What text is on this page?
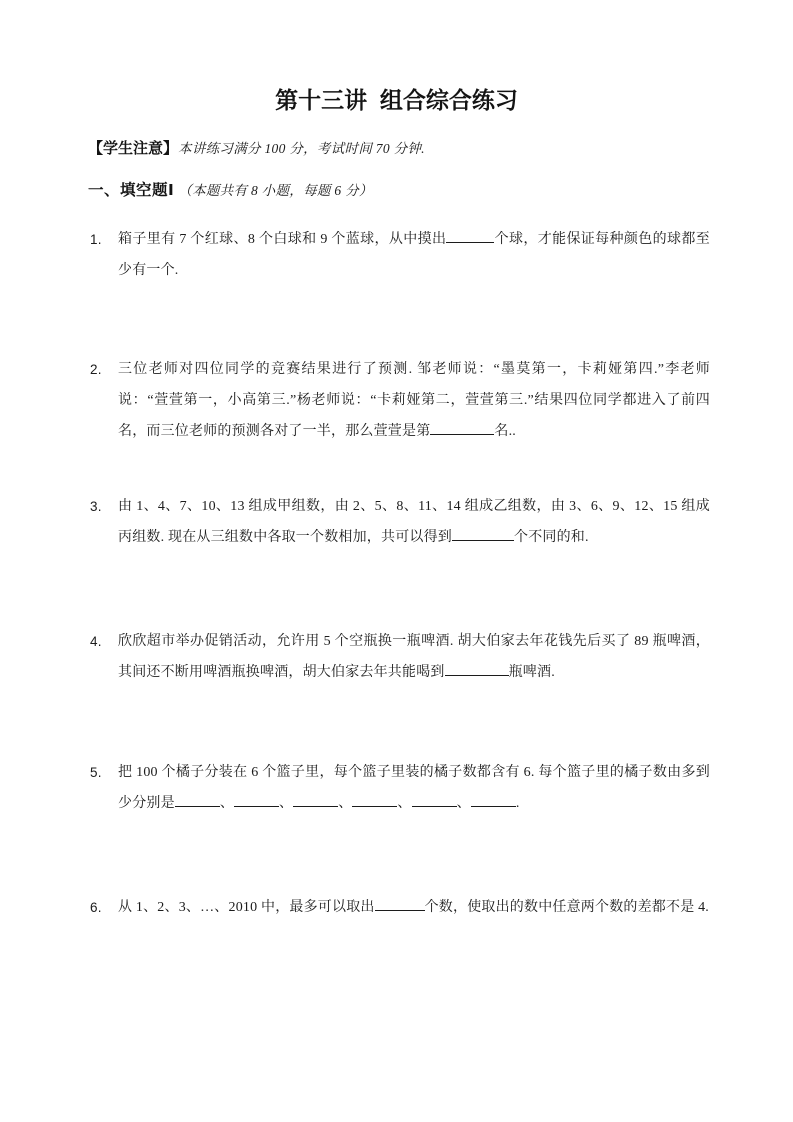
第十三讲  组合综合练习

【学生注意】本讲练习满分 100 分，考试时间 70 分钟.

一、填空题Ⅰ （本题共有 8 小题，每题 6 分）

1. 箱子里有 7 个红球、8 个白球和 9 个蓝球，从中摸出	个球，才能保证每种颜色的球都至少有一个.
2. 三位老师对四位同学的竞赛结果进行了预测. 邹老师说：“墨莫第一，卡莉娅第四.”李老师说：“萱萱第一，小高第三.”杨老师说：“卡莉娅第二，萱萱第三.”结果四位同学都进入了前四名，而三位老师的预测各对了一半，那么萱萱是第	名..
3. 由 1、4、7、10、13 组成甲组数，由 2、5、8、11、14 组成乙组数，由 3、6、9、12、15 组成丙组数. 现在从三组数中各取一个数相加，共可以得到	个不同的和.
4. 欣欣超市举办促销活动，允许用 5 个空瓶换一瓶啤酒. 胡大伯家去年花钱先后买了 89 瓶啤酒，其间还不断用啤酒瓶换啤酒，胡大伯家去年共能喝到	瓶啤酒.
5. 把 100 个橘子分装在 6 个篮子里，每个篮子里装的橘子数都含有 6. 每个篮子里的橘子数由多到少分别是	、	、	、	、	、	.
6. 从 1、2、3、…、2010 中，最多可以取出	个数，使取出的数中任意两个数的差都不是 4.
